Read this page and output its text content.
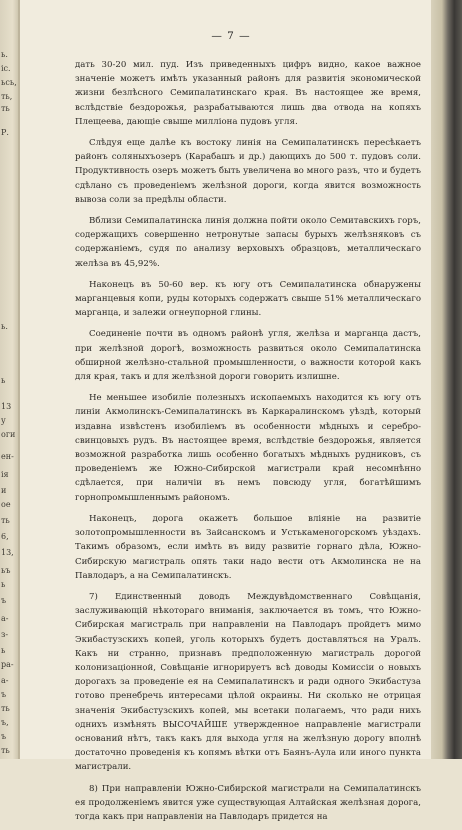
ь.
ic.
ьсь,
ть,
ть
Р.
ь.
ь
13
у
оги
ен-
ія
и
ое
ть
6,
13,
ьъ
ь
ъ
а-
з-
ь
ра-
а-
ъ
ть
ъ,
ъ
ть
— 7 —

дать 30-20 мил. пуд. Изъ приведенныхъ цифръ видно, какое важное значеніе можетъ имѣть указанный районъ для развитія экономической жизни безлѣсного Семипалатинскаго края. Въ настоящее же время, вслѣдствіе бездорожья, разрабатываются лишь два отвода на копяхъ Плещеева, дающіе свыше милліона пудовъ угля.

Слѣдуя еще далѣе къ востоку линія на Семипалатинскъ пересѣкаетъ районъ соляныхъозеръ (Карабашъ и др.) дающихъ до 500 т. пудовъ соли. Продуктивность озеръ можетъ быть увеличена во много разъ, что и будетъ сдѣлано съ проведеніемъ желѣзной дороги, когда явится возможность вывоза соли за предѣлы области.

Вблизи Семипалатинска линія должна пойти около Семитавскихъ горъ, содержащихъ совершенно нетронутые запасы бурыхъ желѣзняковъ съ содержаніемъ, судя по анализу верховыхъ образцовъ, металлическаго желѣза въ 45,92%.

Наконецъ въ 50-60 вер. къ югу отъ Семипалатинска обнаружены марганцевыя копи, руды которыхъ содержатъ свыше 51% металлическаго марганца, и залежи огнеупорной глины.

Соединеніе почти въ одномъ районѣ угля, желѣза и марганца дастъ, при желѣзной дорогѣ, возможность развиться около Семипалатинска обширной желѣзно-стальной промышленности, о важности которой какъ для края, такъ и для желѣзной дороги говорить излишне.

Не меньшее изобиліе полезныхъ ископаемыхъ находится къ югу отъ линіи Акмолинскъ-Семипалатинскъ въ Каркаралинскомъ уѣздѣ, который издавна извѣстенъ изобиліемъ въ особенности мѣдныхъ и серебро-свинцовыхъ рудъ. Въ настоящее время, вслѣдствіе бездорожья, является возможной разработка лишь особенно богатыхъ мѣдныхъ рудниковъ, съ проведеніемъ же Южно-Сибирской магистрали край несомнѣнно сдѣлается, при наличіи въ немъ повсюду угля, богатѣйшимъ горнопромышленнымъ райономъ.

Наконецъ, дорога окажетъ большое вліяніе на развитіе золотопромышленности въ Зайсанскомъ и Устькаменогорскомъ уѣздахъ. Такимъ образомъ, если имѣть въ виду развитіе горнаго дѣла, Южно-Сибирскую магистраль опять таки надо вести отъ Акмолинска не на Павлодаръ, а на Семипалатинскъ.

7) Единственный доводъ Междувѣдомственнаго Совѣщанія, заслуживающій нѣкотораго вниманія, заключается въ томъ, что Южно-Сибирская магистраль при направленіи на Павлодаръ пройдетъ мимо Экибастузскихъ копей, уголь которыхъ будетъ доставляться на Уралъ. Какъ ни странно, признавъ предположенную магистраль дорогой колонизаціонной, Совѣщаніе игнорируетъ всѣ доводы Комиссіи о новыхъ дорогахъ за проведеніе ея на Семипалатинскъ и ради одного Экибастуза готово пренебречь интересами цѣлой окраины. Ни сколько не отрицая значенія Экибастузскихъ копей, мы всетаки полагаемъ, что ради нихъ однихъ измѣнять ВЫСОЧАЙШЕ утвержденное направленіе магистрали оснований нѣтъ, такъ какъ для выхода угля на желѣзную дорогу вполнѣ достаточно проведенія къ копямъ вѣтки отъ Баянъ-Аула или иного пункта магистрали.

8) При направленіи Южно-Сибирской магистрали на Семипалатинскъ ея продолженіемъ явится уже существующая Алтайская желѣзная дорога, тогда какъ при направленіи на Павлодаръ придется на
